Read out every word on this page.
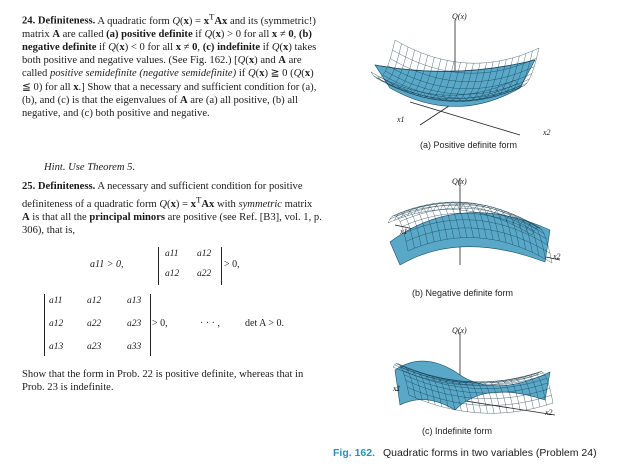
24. Definiteness. A quadratic form $Q(x) = x^TAx$ and its (symmetric!) matrix A are called (a) positive definite if Q(x) > 0 for all x ≠ 0, (b) negative definite if Q(x) < 0 for all x ≠ 0, (c) indefinite if Q(x) takes both positive and negative values. (See Fig. 162.) [Q(x) and A are called positive semidefinite (negative semidefinite) if Q(x) ≧ 0 (Q(x) ≦ 0) for all x.] Show that a necessary and sufficient condition for (a), (b), and (c) is that the eigenvalues of A are (a) all positive, (b) all negative, and (c) both positive and negative.
Hint. Use Theorem 5.
25. Definiteness. A necessary and sufficient condition for positive definiteness of a quadratic form $Q(x) = x^TAx$ with symmetric matrix A is that all the principal minors are positive (see Ref. [B3], vol. 1, p. 306), that is,
a11 > 0,
a11 a12
a12 a22
> 0,
a11	a12	a13
a12	a22	a23
a13	a23	a33
> 0,	· · · ,	det A > 0.
Show that the form in Prob. 22 is positive definite, whereas that in Prob. 23 is indefinite.
Q(x)
x1
x2
(a) Positive definite form
Q(x)
x1
x2
(b) Negative definite form
Q(x)
x1
x2
(c) Indefinite form
Fig. 162. Quadratic forms in two variables (Problem 24)
